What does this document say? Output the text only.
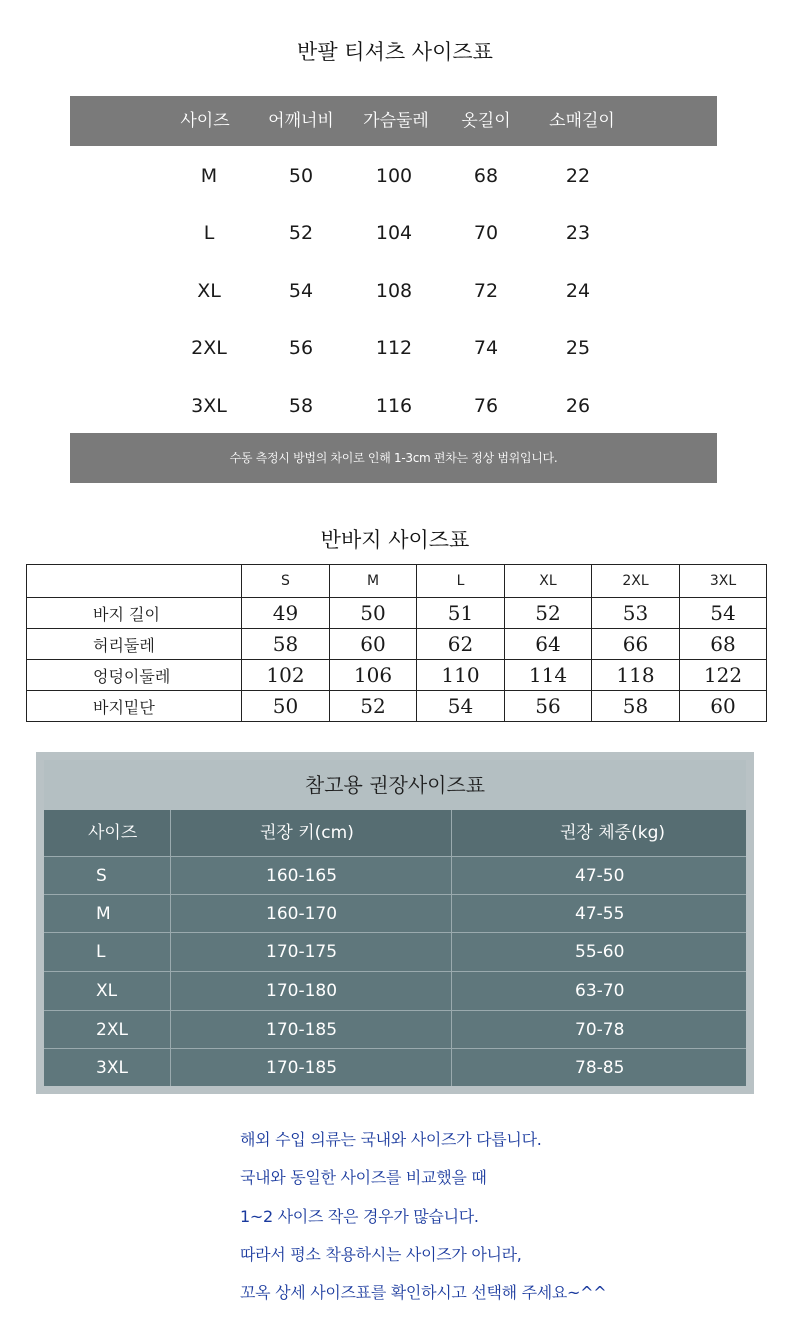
반팔 티셔츠 사이즈표
사이즈 어깨너비 가슴둘레 옷길이 소매길이
M	50	100	68	22
L	52	104	70	23
XL	54	108	72	24
2XL	56	112	74	25
3XL	58	116	76	26
수동 측정시 방법의 차이로 인해 1-3cm 편차는 정상 범위입니다.
반바지 사이즈표
	S	M	L	XL	2XL	3XL
바지 길이	49	50	51	52	53	54
허리둘레	58	60	62	64	66	68
엉덩이둘레	102	106	110	114	118	122
바지밑단	50	52	54	56	58	60
참고용 권장사이즈표
사이즈	권장 키(cm)	권장 체중(kg)
S	160-165	47-50
M	160-170	47-55
L	170-175	55-60
XL	170-180	63-70
2XL	170-185	70-78
3XL	170-185	78-85
해외 수입 의류는 국내와 사이즈가 다릅니다.
국내와 동일한 사이즈를 비교했을 때
1~2 사이즈 작은 경우가 많습니다.
따라서 평소 착용하시는 사이즈가 아니라,
꼬옥 상세 사이즈표를 확인하시고 선택해 주세요~^^
